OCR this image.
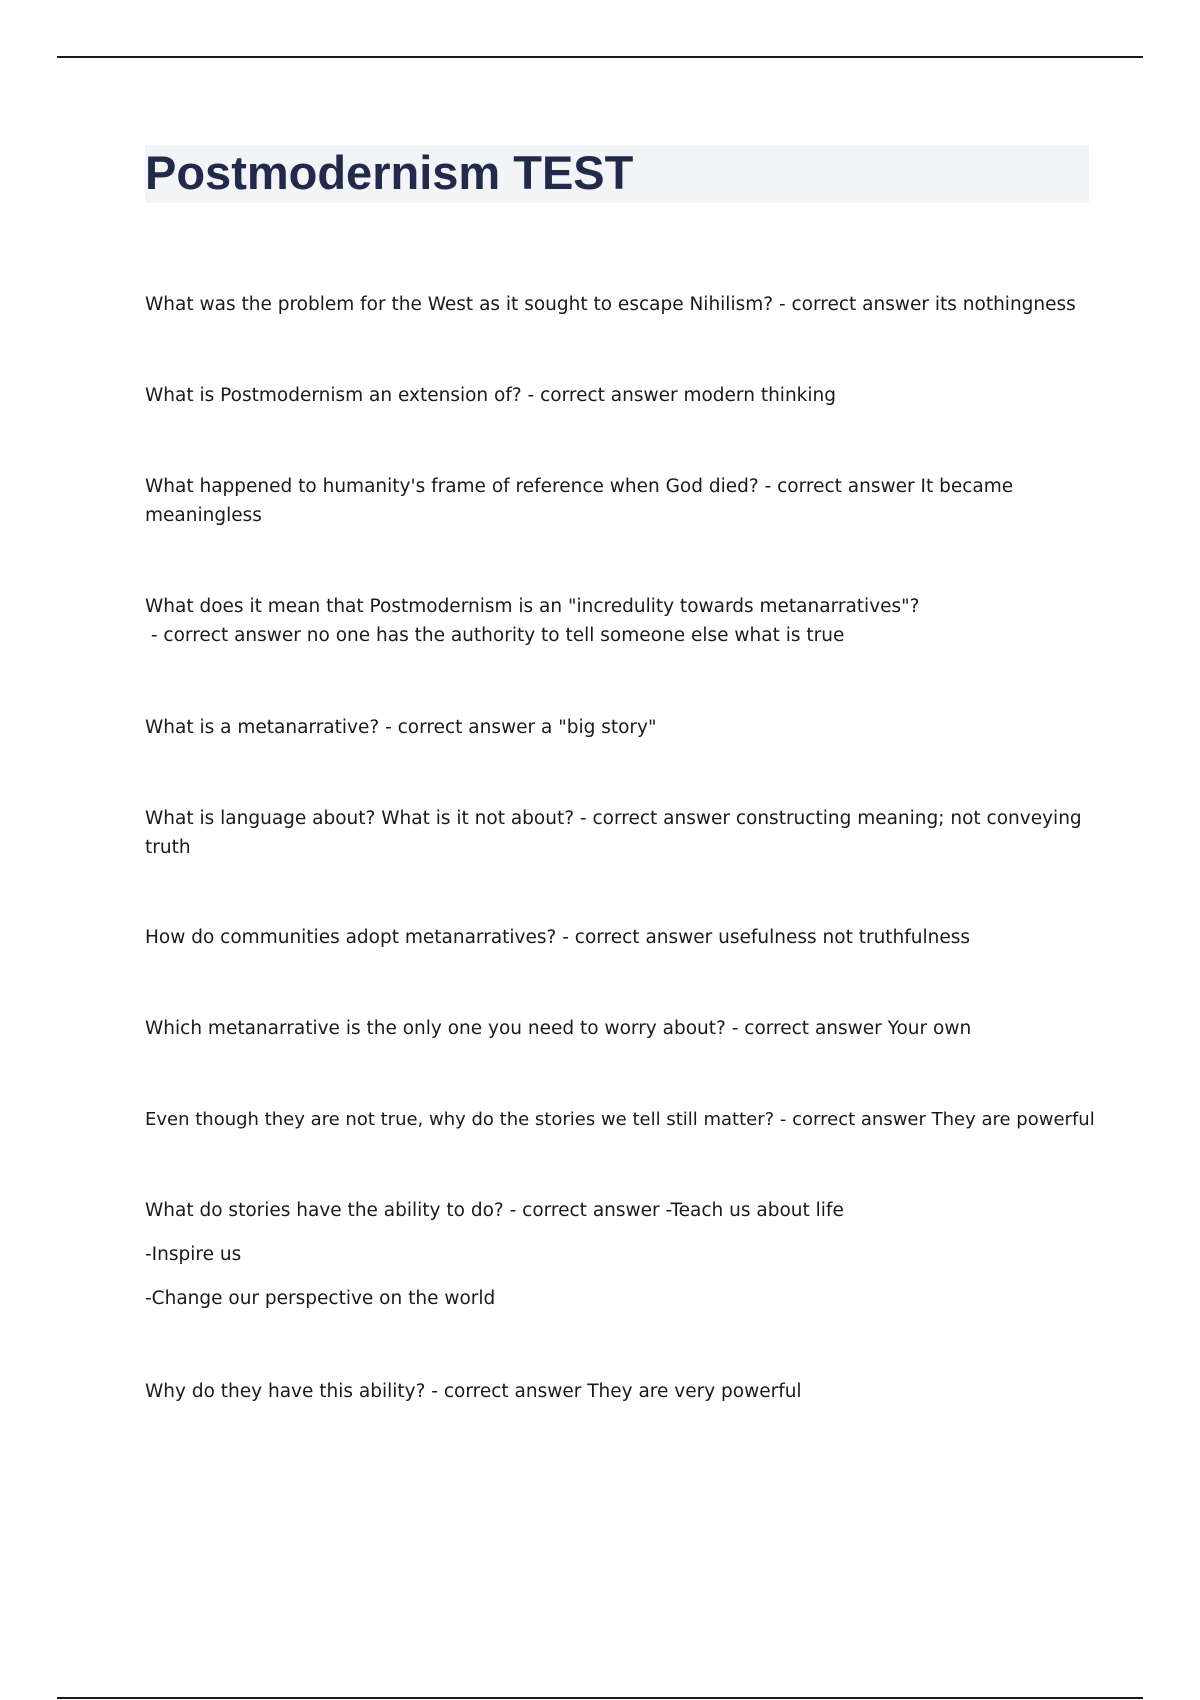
Postmodernism TEST

What was the problem for the West as it sought to escape Nihilism? - correct answer its nothingness

What is Postmodernism an extension of? - correct answer modern thinking

What happened to humanity's frame of reference when God died? - correct answer It became meaningless

What does it mean that Postmodernism is an "incredulity towards metanarratives"? - correct answer no one has the authority to tell someone else what is true

What is a metanarrative? - correct answer a "big story"

What is language about? What is it not about? - correct answer constructing meaning; not conveying truth

How do communities adopt metanarratives? - correct answer usefulness not truthfulness

Which metanarrative is the only one you need to worry about? - correct answer Your own

Even though they are not true, why do the stories we tell still matter? - correct answer They are powerful

What do stories have the ability to do? - correct answer -Teach us about life
-Inspire us
-Change our perspective on the world

Why do they have this ability? - correct answer They are very powerful
